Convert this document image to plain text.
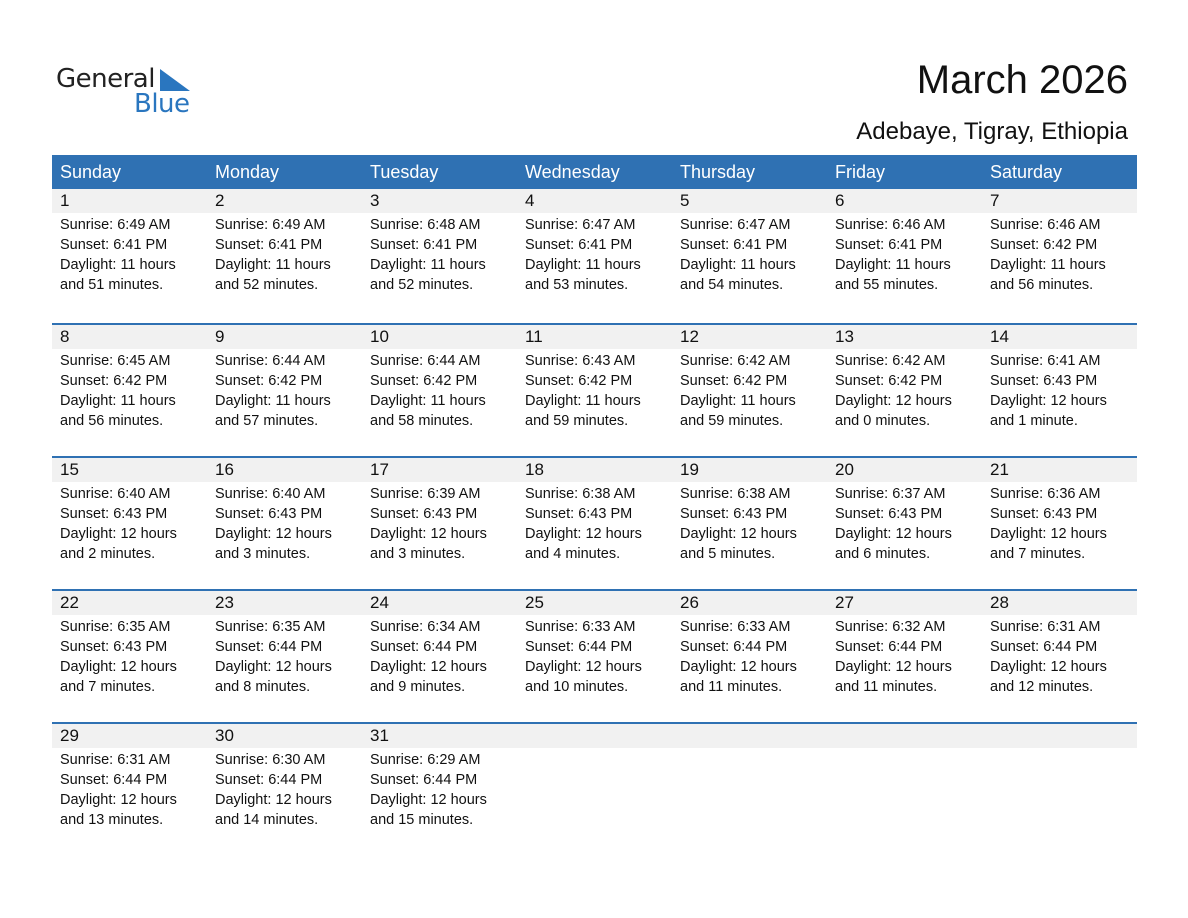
General
Blue
March 2026
Adebaye, Tigray, Ethiopia
Sunday	Monday	Tuesday	Wednesday	Thursday	Friday	Saturday
1	2	3	4	5	6	7
Sunrise: 6:49 AM
Sunset: 6:41 PM
Daylight: 11 hours
and 51 minutes.
Sunrise: 6:49 AM
Sunset: 6:41 PM
Daylight: 11 hours
and 52 minutes.
Sunrise: 6:48 AM
Sunset: 6:41 PM
Daylight: 11 hours
and 52 minutes.
Sunrise: 6:47 AM
Sunset: 6:41 PM
Daylight: 11 hours
and 53 minutes.
Sunrise: 6:47 AM
Sunset: 6:41 PM
Daylight: 11 hours
and 54 minutes.
Sunrise: 6:46 AM
Sunset: 6:41 PM
Daylight: 11 hours
and 55 minutes.
Sunrise: 6:46 AM
Sunset: 6:42 PM
Daylight: 11 hours
and 56 minutes.
8	9	10	11	12	13	14
Sunrise: 6:45 AM
Sunset: 6:42 PM
Daylight: 11 hours
and 56 minutes.
Sunrise: 6:44 AM
Sunset: 6:42 PM
Daylight: 11 hours
and 57 minutes.
Sunrise: 6:44 AM
Sunset: 6:42 PM
Daylight: 11 hours
and 58 minutes.
Sunrise: 6:43 AM
Sunset: 6:42 PM
Daylight: 11 hours
and 59 minutes.
Sunrise: 6:42 AM
Sunset: 6:42 PM
Daylight: 11 hours
and 59 minutes.
Sunrise: 6:42 AM
Sunset: 6:42 PM
Daylight: 12 hours
and 0 minutes.
Sunrise: 6:41 AM
Sunset: 6:43 PM
Daylight: 12 hours
and 1 minute.
15	16	17	18	19	20	21
Sunrise: 6:40 AM
Sunset: 6:43 PM
Daylight: 12 hours
and 2 minutes.
Sunrise: 6:40 AM
Sunset: 6:43 PM
Daylight: 12 hours
and 3 minutes.
Sunrise: 6:39 AM
Sunset: 6:43 PM
Daylight: 12 hours
and 3 minutes.
Sunrise: 6:38 AM
Sunset: 6:43 PM
Daylight: 12 hours
and 4 minutes.
Sunrise: 6:38 AM
Sunset: 6:43 PM
Daylight: 12 hours
and 5 minutes.
Sunrise: 6:37 AM
Sunset: 6:43 PM
Daylight: 12 hours
and 6 minutes.
Sunrise: 6:36 AM
Sunset: 6:43 PM
Daylight: 12 hours
and 7 minutes.
22	23	24	25	26	27	28
Sunrise: 6:35 AM
Sunset: 6:43 PM
Daylight: 12 hours
and 7 minutes.
Sunrise: 6:35 AM
Sunset: 6:44 PM
Daylight: 12 hours
and 8 minutes.
Sunrise: 6:34 AM
Sunset: 6:44 PM
Daylight: 12 hours
and 9 minutes.
Sunrise: 6:33 AM
Sunset: 6:44 PM
Daylight: 12 hours
and 10 minutes.
Sunrise: 6:33 AM
Sunset: 6:44 PM
Daylight: 12 hours
and 11 minutes.
Sunrise: 6:32 AM
Sunset: 6:44 PM
Daylight: 12 hours
and 11 minutes.
Sunrise: 6:31 AM
Sunset: 6:44 PM
Daylight: 12 hours
and 12 minutes.
29	30	31
Sunrise: 6:31 AM
Sunset: 6:44 PM
Daylight: 12 hours
and 13 minutes.
Sunrise: 6:30 AM
Sunset: 6:44 PM
Daylight: 12 hours
and 14 minutes.
Sunrise: 6:29 AM
Sunset: 6:44 PM
Daylight: 12 hours
and 15 minutes.
